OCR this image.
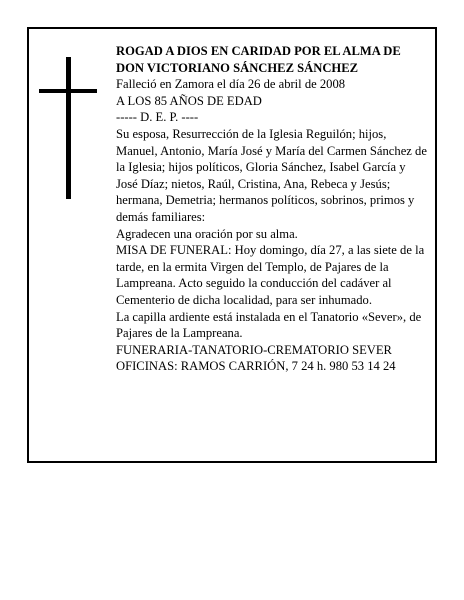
ROGAD A DIOS EN CARIDAD POR EL ALMA DE

DON VICTORIANO SÁNCHEZ SÁNCHEZ

Falleció en Zamora el día 26 de abril de 2008

A LOS 85 AÑOS DE EDAD

----- D. E. P. ----

Su esposa, Resurrección de la Iglesia Reguilón; hijos, Manuel, Antonio, María José y María del Carmen Sánchez de la Iglesia; hijos políticos, Gloria Sánchez, Isabel García y José Díaz; nietos, Raúl, Cristina, Ana, Rebeca y Jesús; hermana, Demetria; hermanos políticos, sobrinos, primos y demás familiares:

Agradecen una oración por su alma.

MISA DE FUNERAL: Hoy domingo, día 27, a las siete de la tarde, en la ermita Virgen del Templo, de Pajares de la Lampreana. Acto seguido la conducción del cadáver al Cementerio de dicha localidad, para ser inhumado.

La capilla ardiente está instalada en el Tanatorio «Sever», de Pajares de la Lampreana.

FUNERARIA-TANATORIO-CREMATORIO SEVER

OFICINAS: RAMOS CARRIÓN, 7 24 h. 980 53 14 24
